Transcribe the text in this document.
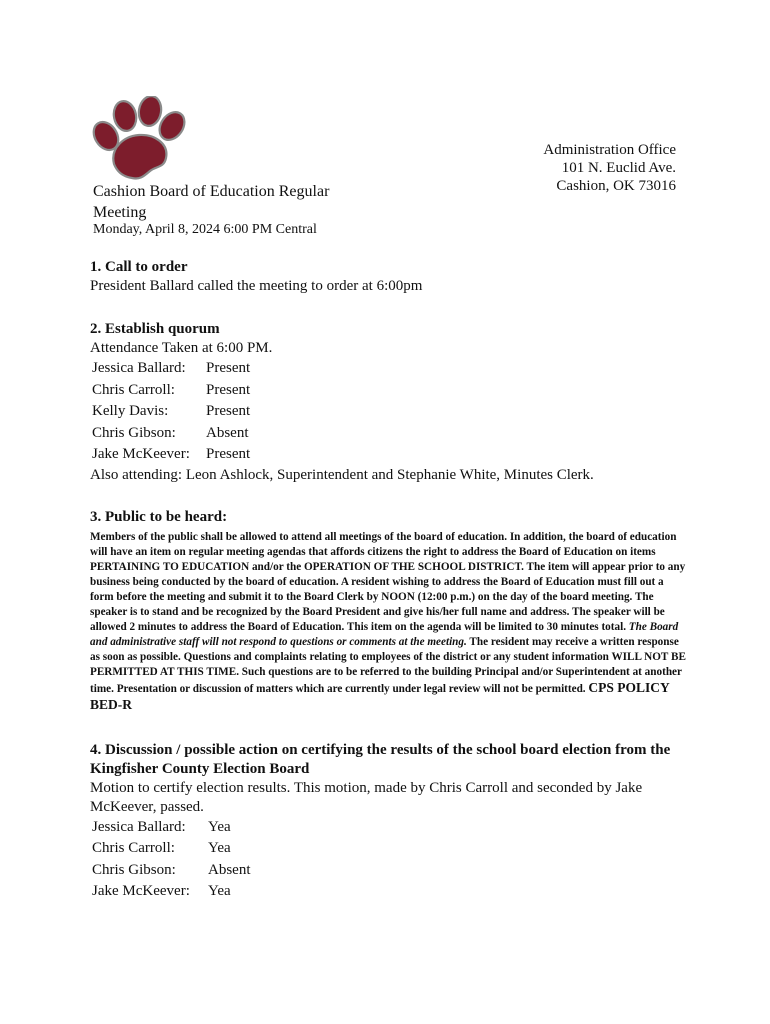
Administration Office
101 N. Euclid Ave.
Cashion, OK 73016
Cashion Board of Education Regular
Meeting
Monday, April 8, 2024 6:00 PM Central
1. Call to order
President Ballard called the meeting to order at 6:00pm
2. Establish quorum
Attendance Taken at 6:00 PM.
Jessica Ballard:	Present
Chris Carroll:	Present
Kelly Davis:	Present
Chris Gibson:	Absent
Jake McKeever:	Present
Also attending: Leon Ashlock, Superintendent and Stephanie White, Minutes Clerk.
3. Public to be heard:
Members of the public shall be allowed to attend all meetings of the board of education. In addition, the board of education will have an item on regular meeting agendas that affords citizens the right to address the Board of Education on items PERTAINING TO EDUCATION and/or the OPERATION OF THE SCHOOL DISTRICT. The item will appear prior to any business being conducted by the board of education. A resident wishing to address the Board of Education must fill out a form before the meeting and submit it to the Board Clerk by NOON (12:00 p.m.) on the day of the board meeting. The speaker is to stand and be recognized by the Board President and give his/her full name and address. The speaker will be allowed 2 minutes to address the Board of Education. This item on the agenda will be limited to 30 minutes total. The Board and administrative staff will not respond to questions or comments at the meeting. The resident may receive a written response as soon as possible. Questions and complaints relating to employees of the district or any student information WILL NOT BE PERMITTED AT THIS TIME. Such questions are to be referred to the building Principal and/or Superintendent at another time. Presentation or discussion of matters which are currently under legal review will not be permitted. CPS POLICY BED-R
4. Discussion / possible action on certifying the results of the school board election from the Kingfisher County Election Board
Motion to certify election results. This motion, made by Chris Carroll and seconded by Jake McKeever, passed.
Jessica Ballard:	Yea
Chris Carroll:	Yea
Chris Gibson:	Absent
Jake McKeever:	Yea
